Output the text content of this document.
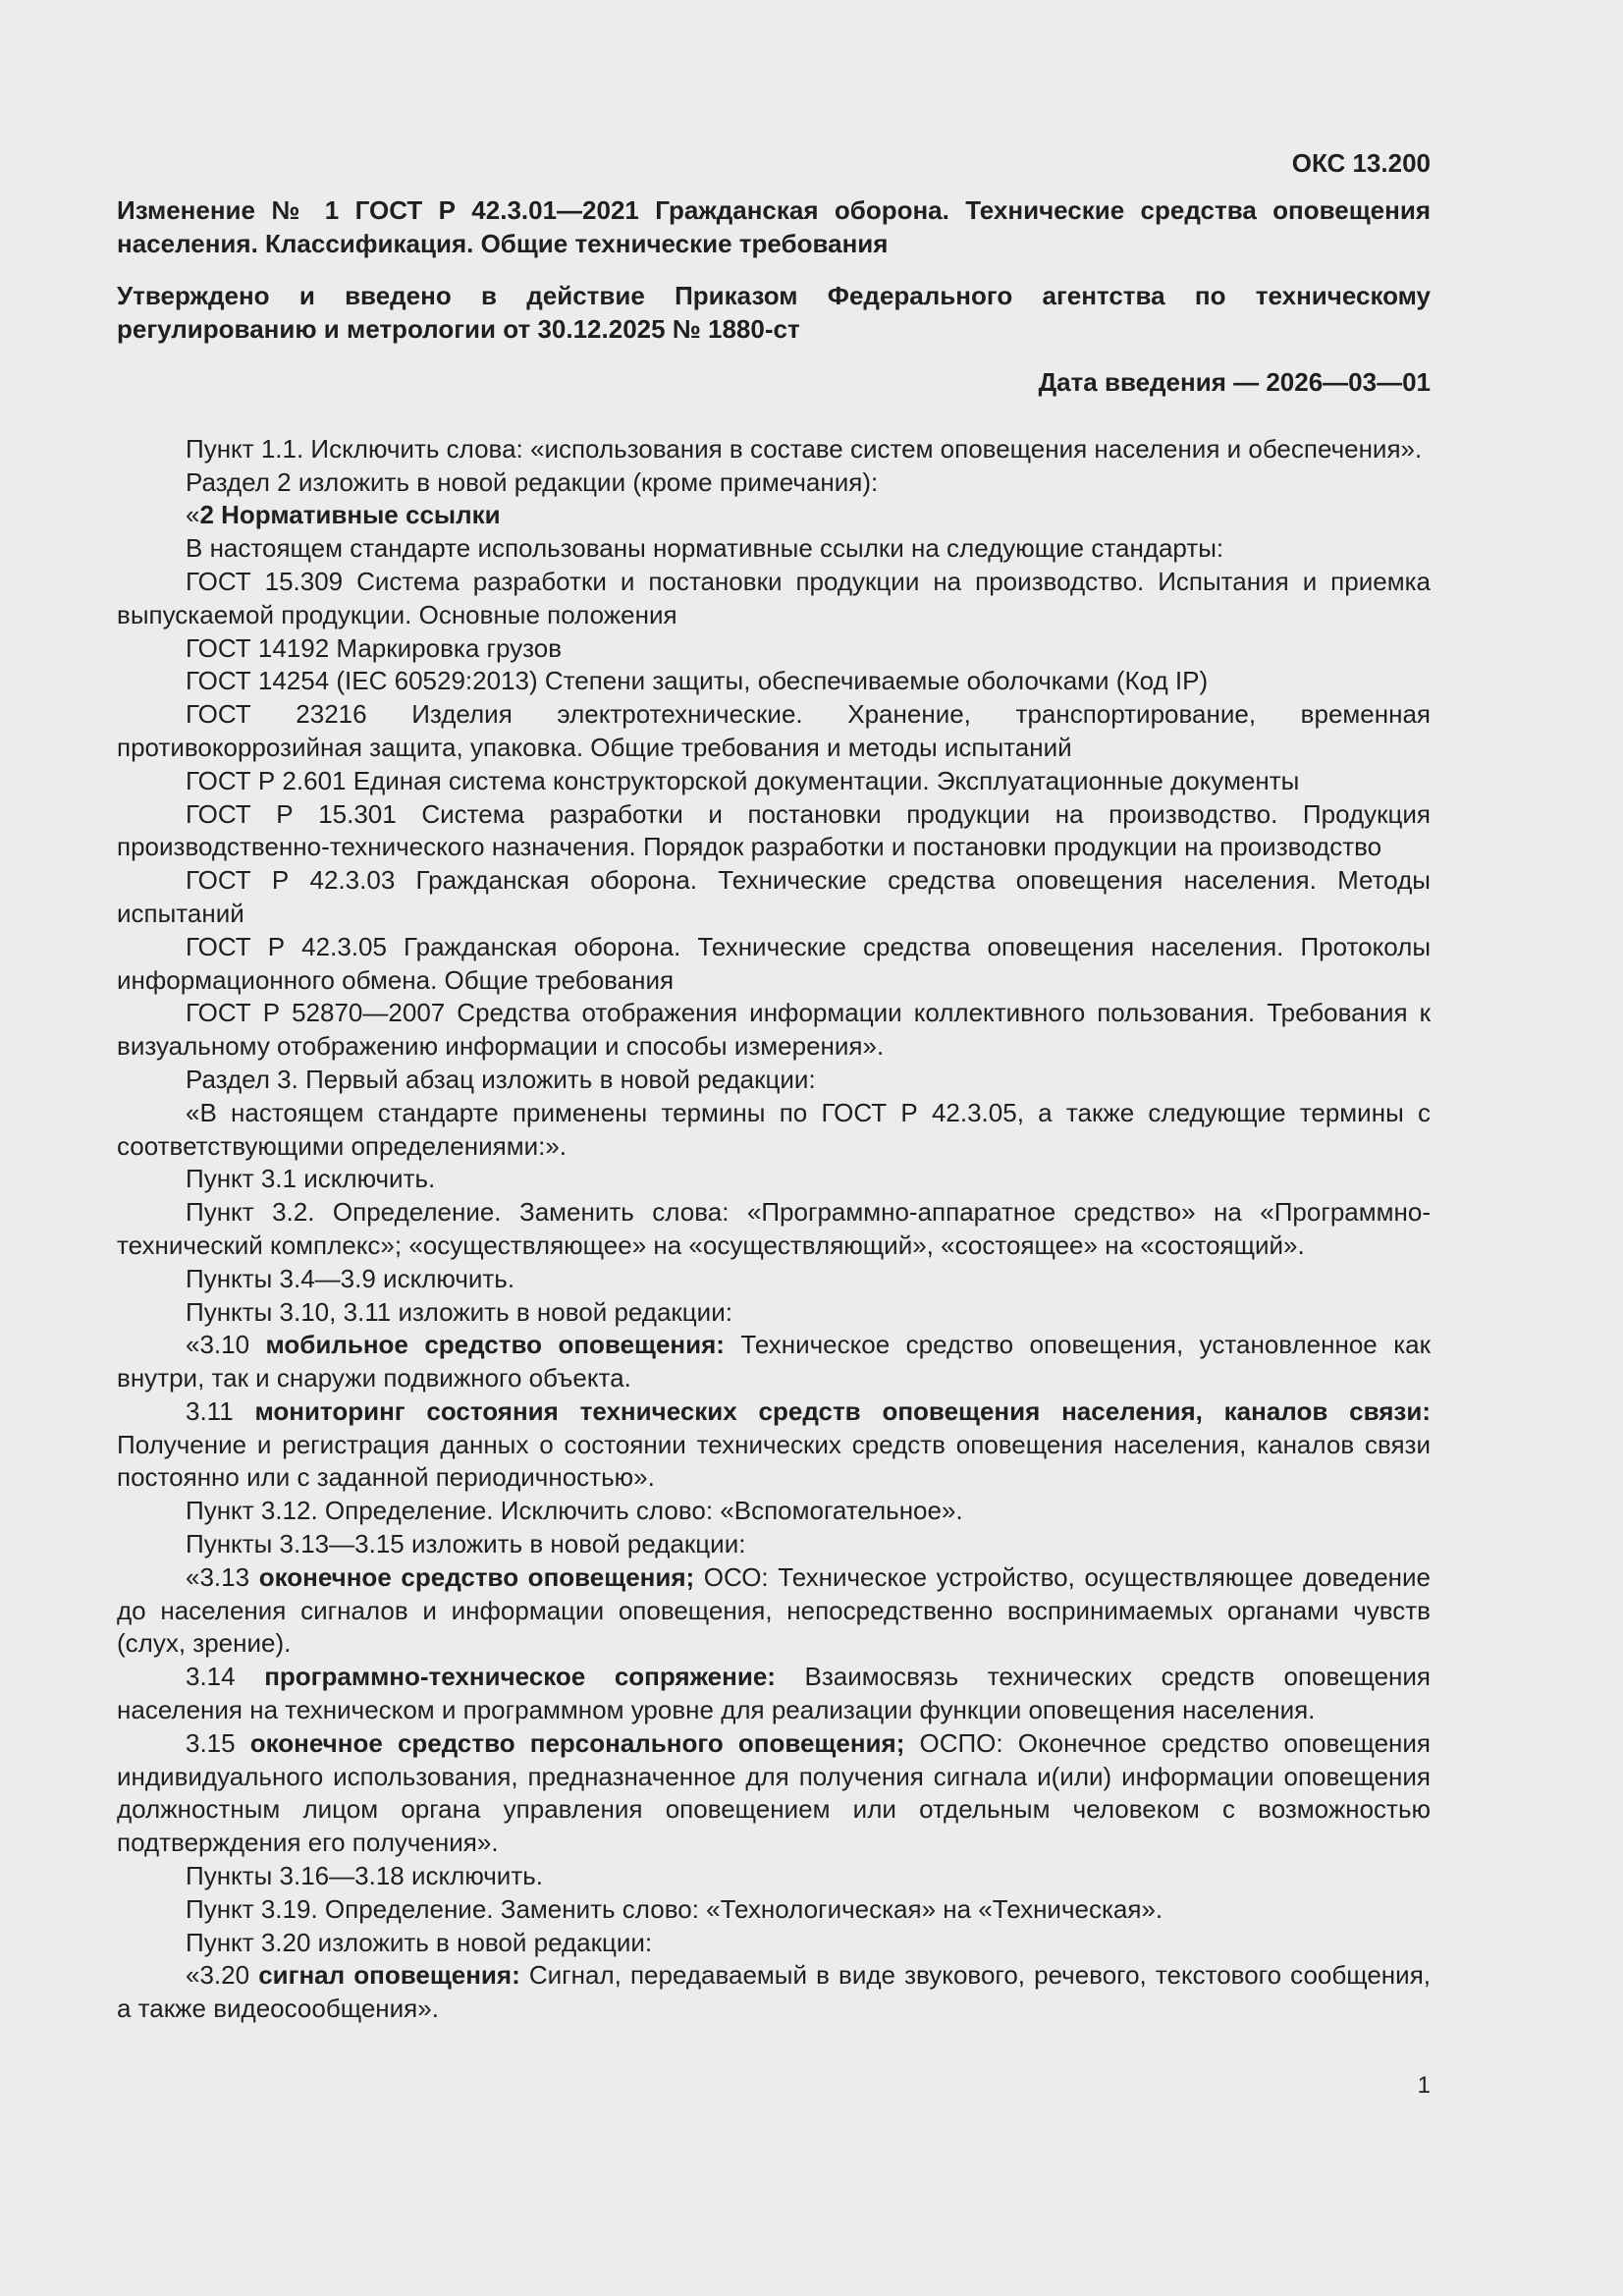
ОКС 13.200

Изменение № 1 ГОСТ Р 42.3.01—2021 Гражданская оборона. Технические средства оповещения населения. Классификация. Общие технические требования

Утверждено и введено в действие Приказом Федерального агентства по техническому регулированию и метрологии от 30.12.2025 № 1880-ст

Дата введения — 2026—03—01

Пункт 1.1. Исключить слова: «использования в составе систем оповещения населения и обеспечения».

Раздел 2 изложить в новой редакции (кроме примечания):

«2 Нормативные ссылки

В настоящем стандарте использованы нормативные ссылки на следующие стандарты:

ГОСТ 15.309 Система разработки и постановки продукции на производство. Испытания и приемка выпускаемой продукции. Основные положения

ГОСТ 14192 Маркировка грузов

ГОСТ 14254 (IEC 60529:2013) Степени защиты, обеспечиваемые оболочками (Код IP)

ГОСТ 23216 Изделия электротехнические. Хранение, транспортирование, временная противокоррозийная защита, упаковка. Общие требования и методы испытаний

ГОСТ Р 2.601 Единая система конструкторской документации. Эксплуатационные документы

ГОСТ Р 15.301 Система разработки и постановки продукции на производство. Продукция производственно-технического назначения. Порядок разработки и постановки продукции на производство

ГОСТ Р 42.3.03 Гражданская оборона. Технические средства оповещения населения. Методы испытаний

ГОСТ Р 42.3.05 Гражданская оборона. Технические средства оповещения населения. Протоколы информационного обмена. Общие требования

ГОСТ Р 52870—2007 Средства отображения информации коллективного пользования. Требования к визуальному отображению информации и способы измерения».

Раздел 3. Первый абзац изложить в новой редакции:

«В настоящем стандарте применены термины по ГОСТ Р 42.3.05, а также следующие термины с соответствующими определениями:».

Пункт 3.1 исключить.

Пункт 3.2. Определение. Заменить слова: «Программно-аппаратное средство» на «Программно-технический комплекс»; «осуществляющее» на «осуществляющий», «состоящее» на «состоящий».

Пункты 3.4—3.9 исключить.

Пункты 3.10, 3.11 изложить в новой редакции:

«3.10 мобильное средство оповещения: Техническое средство оповещения, установленное как внутри, так и снаружи подвижного объекта.

3.11 мониторинг состояния технических средств оповещения населения, каналов связи: Получение и регистрация данных о состоянии технических средств оповещения населения, каналов связи постоянно или с заданной периодичностью».

Пункт 3.12. Определение. Исключить слово: «Вспомогательное».

Пункты 3.13—3.15 изложить в новой редакции:

«3.13 оконечное средство оповещения; ОСО: Техническое устройство, осуществляющее доведение до населения сигналов и информации оповещения, непосредственно воспринимаемых органами чувств (слух, зрение).

3.14 программно-техническое сопряжение: Взаимосвязь технических средств оповещения населения на техническом и программном уровне для реализации функции оповещения населения.

3.15 оконечное средство персонального оповещения; ОСПО: Оконечное средство оповещения индивидуального использования, предназначенное для получения сигнала и(или) информации оповещения должностным лицом органа управления оповещением или отдельным человеком с возможностью подтверждения его получения».

Пункты 3.16—3.18 исключить.

Пункт 3.19. Определение. Заменить слово: «Технологическая» на «Техническая».

Пункт 3.20 изложить в новой редакции:

«3.20 сигнал оповещения: Сигнал, передаваемый в виде звукового, речевого, текстового сообщения, а также видеосообщения».

1
